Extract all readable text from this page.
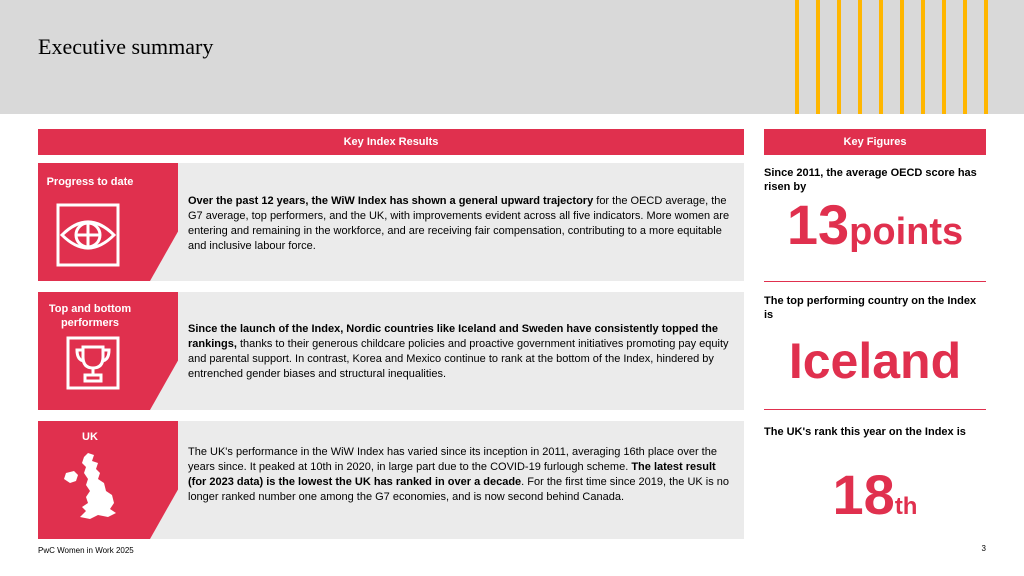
Executive summary
Key Index Results
Progress to date
Over the past 12 years, the WiW Index has shown a general upward trajectory for the OECD average, the G7 average, top performers, and the UK, with improvements evident across all five indicators. More women are entering and remaining in the workforce, and are receiving fair compensation, contributing to a more equitable and inclusive labour force.
Top and bottom performers	Since the launch of the Index, Nordic countries like Iceland and Sweden have consistently topped the rankings, thanks to their generous childcare policies and proactive government initiatives promoting pay equity and parental support. In contrast, Korea and Mexico continue to rank at the bottom of the Index, hindered by entrenched gender biases and structural inequalities.
UK
The UK's performance in the WiW Index has varied since its inception in 2011, averaging 16th place over the years since. It peaked at 10th in 2020, in large part due to the COVID-19 furlough scheme. The latest result (for 2023 data) is the lowest the UK has ranked in over a decade. For the first time since 2019, the UK is no longer ranked number one among the G7 economies, and is now second behind Canada.
Key Figures
Since 2011, the average OECD score has risen by
13points
The top performing country on the Index is
Iceland
The UK's rank this year on the Index is
18th
PwC Women in Work 2025	3
